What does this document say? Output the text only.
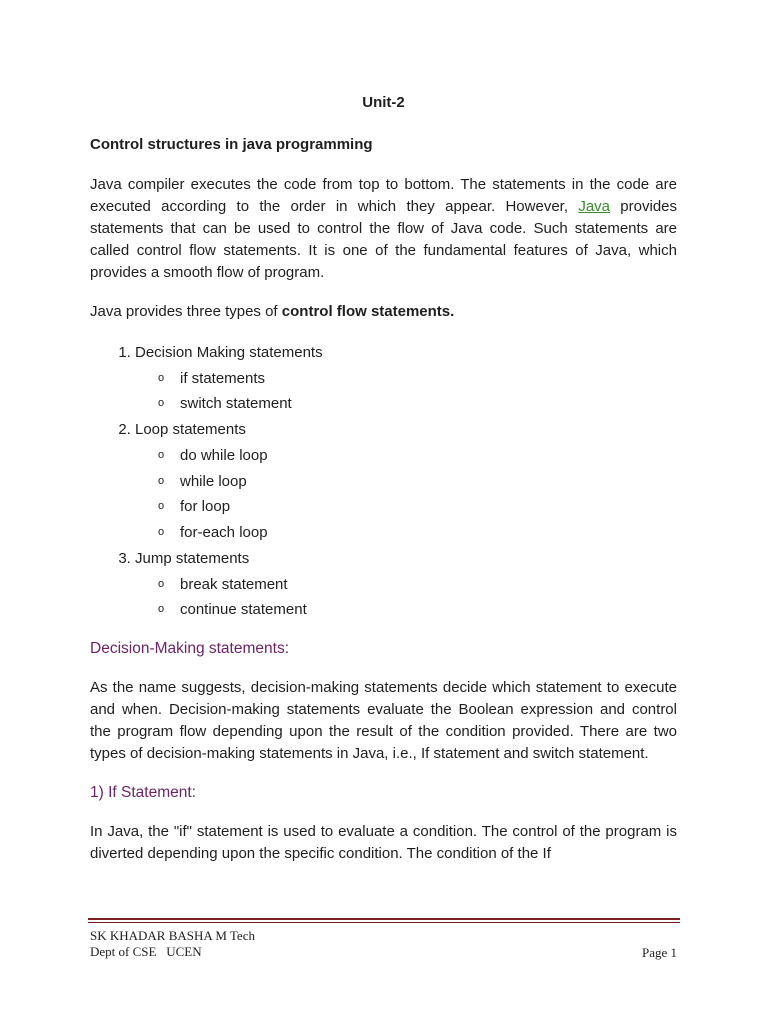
Unit-2
Control structures in java programming

Java compiler executes the code from top to bottom. The statements in the code are executed according to the order in which they appear. However, Java provides statements that can be used to control the flow of Java code. Such statements are called control flow statements. It is one of the fundamental features of Java, which provides a smooth flow of program.

Java provides three types of control flow statements.
1. Decision Making statements
o if statements
o switch statement
2. Loop statements
o do while loop
o while loop
o for loop
o for-each loop
3. Jump statements
o break statement
o continue statement
Decision-Making statements:

As the name suggests, decision-making statements decide which statement to execute and when. Decision-making statements evaluate the Boolean expression and control the program flow depending upon the result of the condition provided. There are two types of decision-making statements in Java, i.e., If statement and switch statement.

1) If Statement:

In Java, the "if" statement is used to evaluate a condition. The control of the program is diverted depending upon the specific condition. The condition of the If

SK KHADAR BASHA M Tech
Dept of CSE   UCEN	Page 1
